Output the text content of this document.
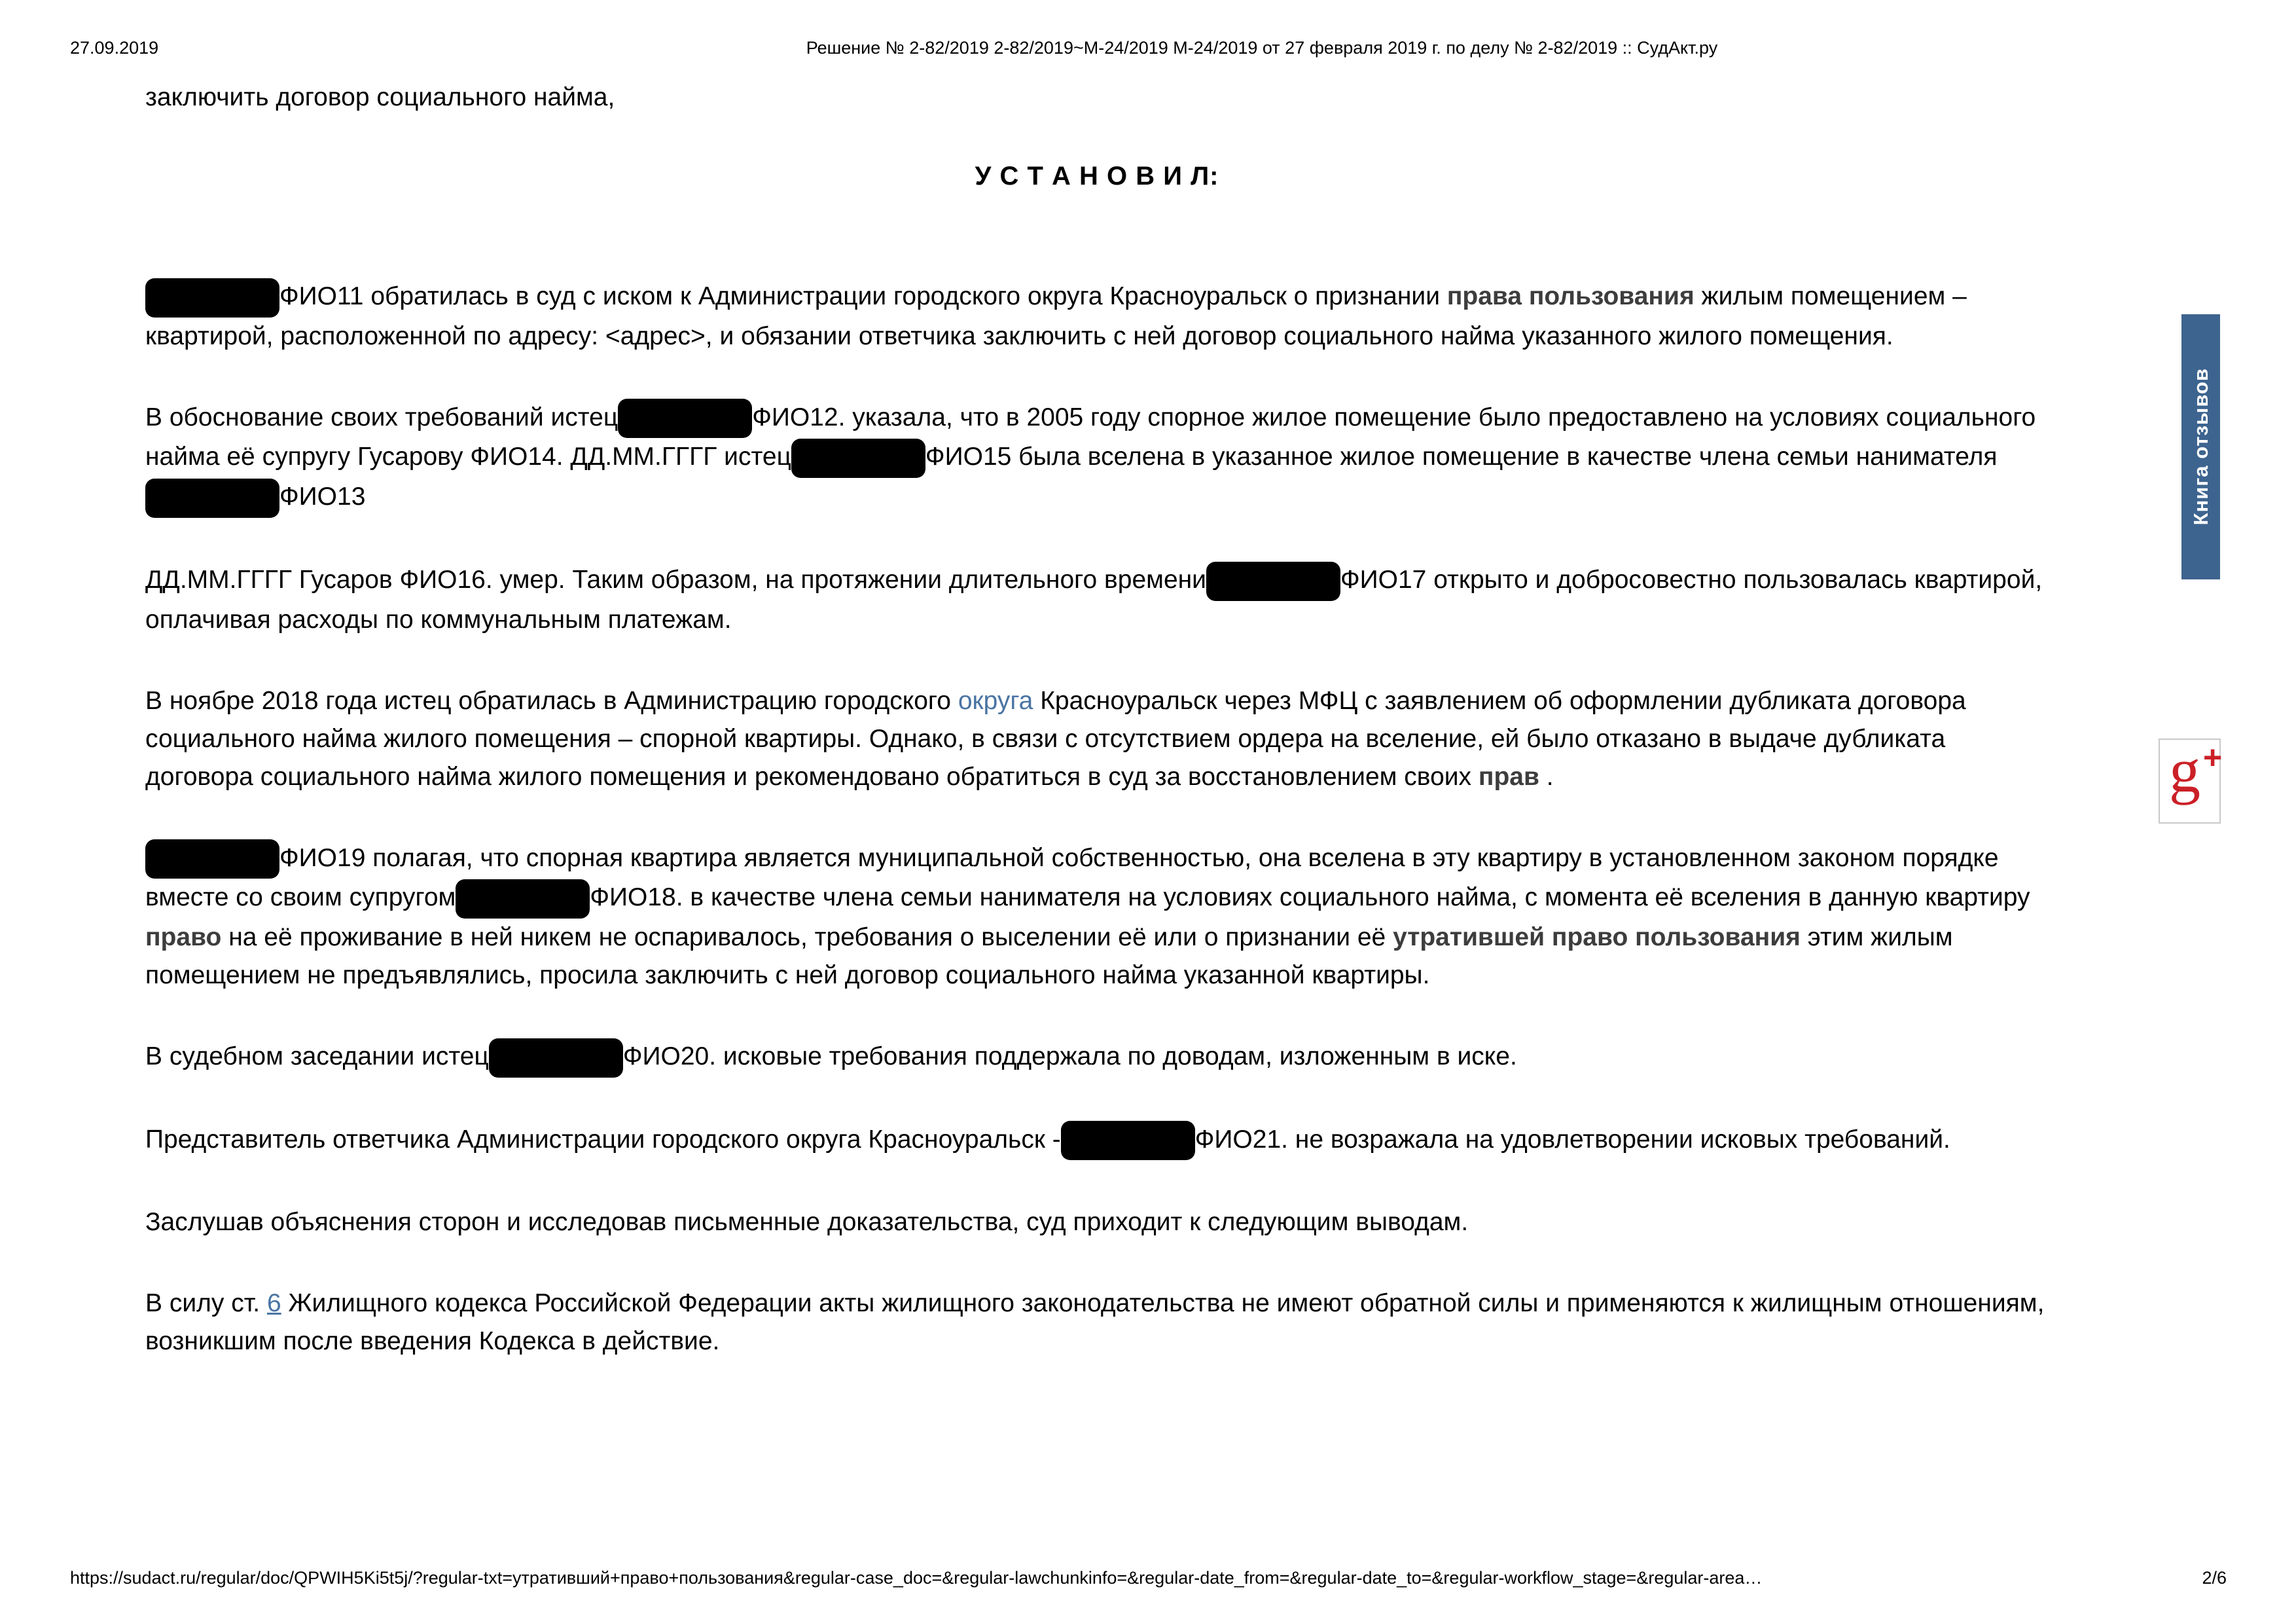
27.09.2019	Решение № 2-82/2019 2-82/2019~М-24/2019 М-24/2019 от 27 февраля 2019 г. по делу № 2-82/2019 :: СудАкт.ру

заключить договор социального найма,

У С Т А Н О В И Л:

ФИО11 обратилась в суд с иском к Администрации городского округа Красноуральск о признании права пользования жилым помещением – квартирой, расположенной по адресу: <адрес>, и обязании ответчика заключить с ней договор социального найма указанного жилого помещения.

В обоснование своих требований истец	ФИО12. указала, что в 2005 году спорное жилое помещение было предоставлено на условиях социального найма её супругу Гусарову ФИО14. ДД.ММ.ГГГГ истец	ФИО15 была вселена в указанное жилое помещение в качестве члена семьи нанимателяФИО13

ДД.ММ.ГГГГ Гусаров ФИО16. умер. Таким образом, на протяжении длительного времени	ФИО17 открыто и добросовестно пользовалась квартирой, оплачивая расходы по коммунальным платежам.

В ноябре 2018 года истец обратилась в Администрацию городского округа Красноуральск через МФЦ с заявлением об оформлении дубликата договора социального найма жилого помещения – спорной квартиры. Однако, в связи с отсутствием ордера на вселение, ей было отказано в выдаче дубликата договора социального найма жилого помещения и рекомендовано обратиться в суд за восстановлением своих прав .

ФИО19 полагая, что спорная квартира является муниципальной собственностью, она вселена в эту квартиру в установленном законом порядке вместе со своим супругом	ФИО18. в качестве члена семьи нанимателя на условиях социального найма, с момента её вселения в данную квартиру право на её проживание в ней никем не оспаривалось, требования о выселении её или о признании её утратившей право пользования этим жилым помещением не предъявлялись, просила заключить с ней договор социального найма указанной квартиры.

В судебном заседании истец	ФИО20. исковые требования поддержала по доводам, изложенным в иске.

Представитель ответчика Администрации городского округа Красноуральск -	ФИО21. не возражала на удовлетворении исковых требований.

Заслушав объяснения сторон и исследовав письменные доказательства, суд приходит к следующим выводам.

В силу ст. 6 Жилищного кодекса Российской Федерации акты жилищного законодательства не имеют обратной силы и применяются к жилищным отношениям, возникшим после введения Кодекса в действие.

Книга отзывов
g +
https://sudact.ru/regular/doc/QPWIH5Ki5t5j/?regular-txt=утративший+право+пользования&regular-case_doc=&regular-lawchunkinfo=&regular-date_from=&regular-date_to=&regular-workflow_stage=&regular-area…	2/6
